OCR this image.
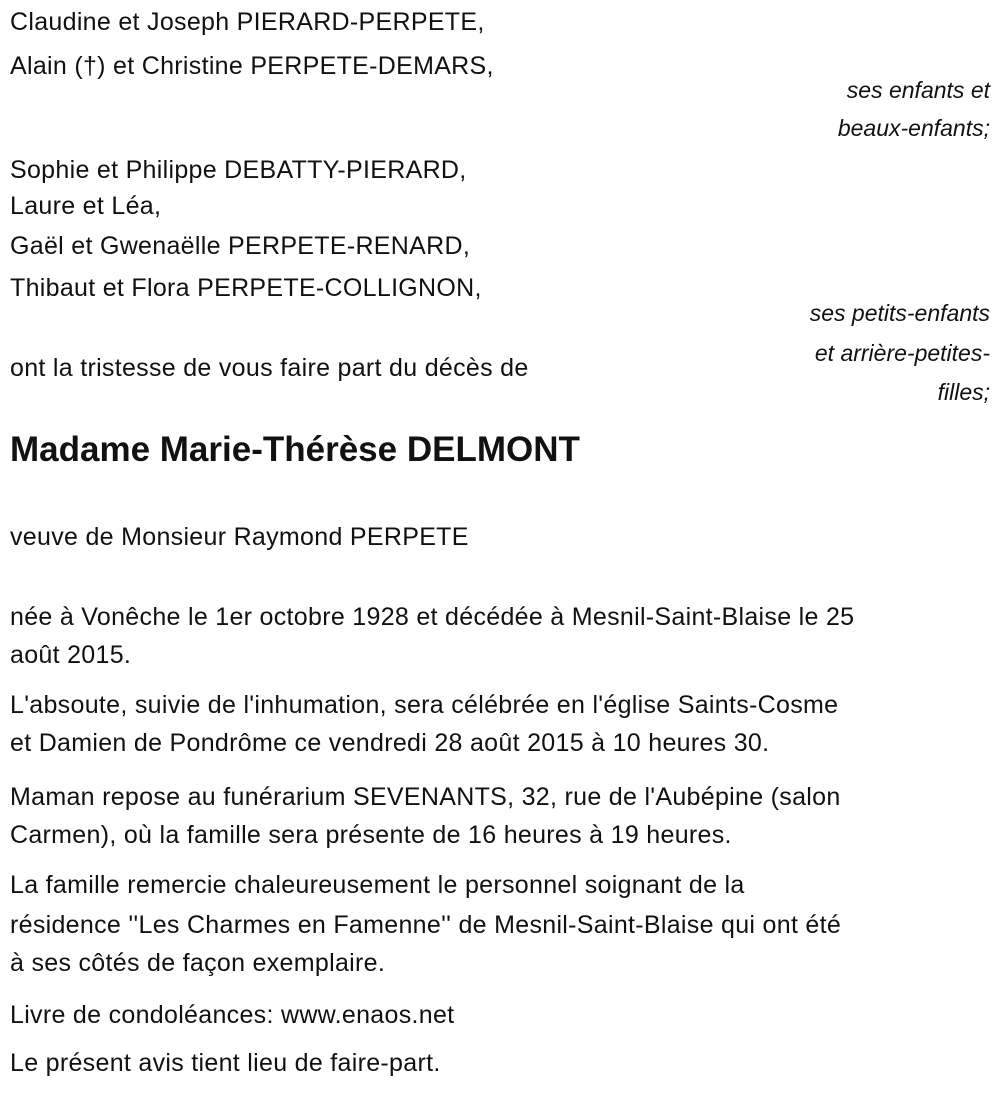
Claudine et Joseph PIERARD-PERPETE,
Alain (†) et Christine PERPETE-DEMARS,
ses enfants et
beaux-enfants;
Sophie et Philippe DEBATTY-PIERARD,
Laure et Léa,
Gaël et Gwenaëlle PERPETE-RENARD,
Thibaut et Flora PERPETE-COLLIGNON,
ses petits-enfants
et arrière-petites-
filles;
ont la tristesse de vous faire part du décès de
Madame Marie-Thérèse DELMONT
veuve de Monsieur Raymond PERPETE
née à Vonêche le 1er octobre 1928 et décédée à Mesnil-Saint-Blaise le 25
août 2015.
L'absoute, suivie de l'inhumation, sera célébrée en l'église Saints-Cosme
et Damien de Pondrôme ce vendredi 28 août 2015 à 10 heures 30.
Maman repose au funérarium SEVENANTS, 32, rue de l'Aubépine (salon
Carmen), où la famille sera présente de 16 heures à 19 heures.
La famille remercie chaleureusement le personnel soignant de la
résidence ''Les Charmes en Famenne'' de Mesnil-Saint-Blaise qui ont été
à ses côtés de façon exemplaire.
Livre de condoléances: www.enaos.net
Le présent avis tient lieu de faire-part.
